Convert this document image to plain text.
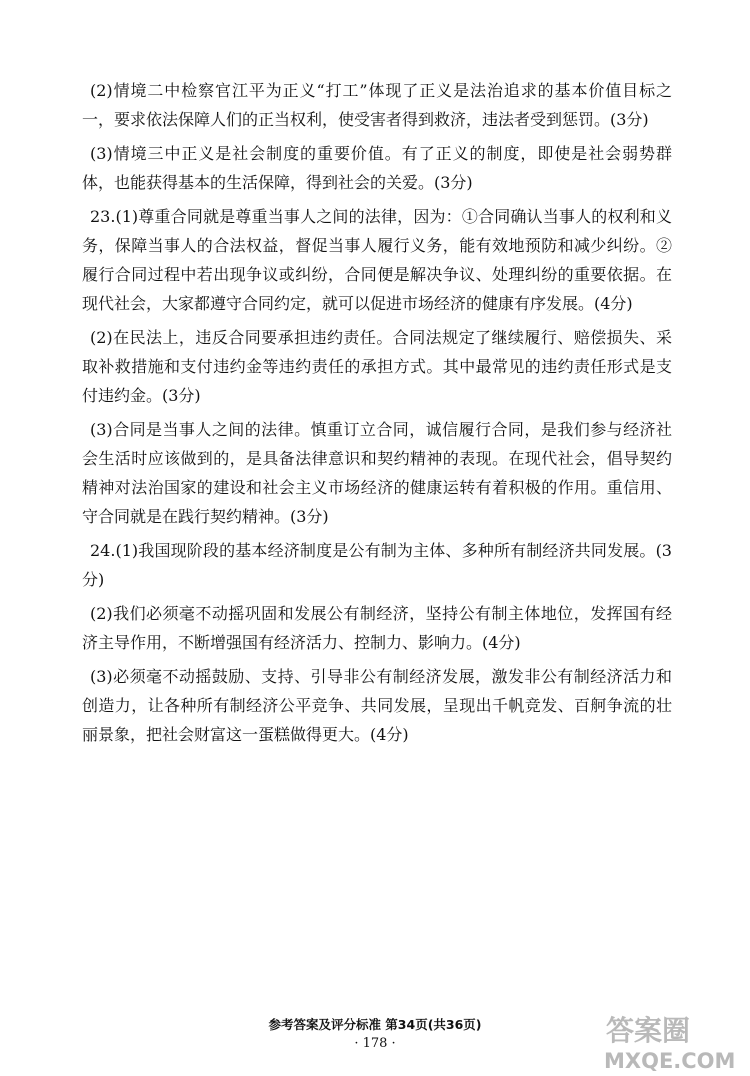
(2)情境二中检察官江平为正义“打工”体现了正义是法治追求的基本价值目标之一，要求依法保障人们的正当权利，使受害者得到救济，违法者受到惩罚。(3分)

(3)情境三中正义是社会制度的重要价值。有了正义的制度，即使是社会弱势群体，也能获得基本的生活保障，得到社会的关爱。(3分)

23.(1)尊重合同就是尊重当事人之间的法律，因为：①合同确认当事人的权利和义务，保障当事人的合法权益，督促当事人履行义务，能有效地预防和减少纠纷。②履行合同过程中若出现争议或纠纷，合同便是解决争议、处理纠纷的重要依据。在现代社会，大家都遵守合同约定，就可以促进市场经济的健康有序发展。(4分)

(2)在民法上，违反合同要承担违约责任。合同法规定了继续履行、赔偿损失、采取补救措施和支付违约金等违约责任的承担方式。其中最常见的违约责任形式是支付违约金。(3分)

(3)合同是当事人之间的法律。慎重订立合同，诚信履行合同，是我们参与经济社会生活时应该做到的，是具备法律意识和契约精神的表现。在现代社会，倡导契约精神对法治国家的建设和社会主义市场经济的健康运转有着积极的作用。重信用、守合同就是在践行契约精神。(3分)

24.(1)我国现阶段的基本经济制度是公有制为主体、多种所有制经济共同发展。(3分)

(2)我们必须毫不动摇巩固和发展公有制经济，坚持公有制主体地位，发挥国有经济主导作用，不断增强国有经济活力、控制力、影响力。(4分)

(3)必须毫不动摇鼓励、支持、引导非公有制经济发展，激发非公有制经济活力和创造力，让各种所有制经济公平竞争、共同发展，呈现出千帆竞发、百舸争流的壮丽景象，把社会财富这一蛋糕做得更大。(4分)

参考答案及评分标准 第34页(共36页)
· 178 ·	答案圈
MXQE.COM
